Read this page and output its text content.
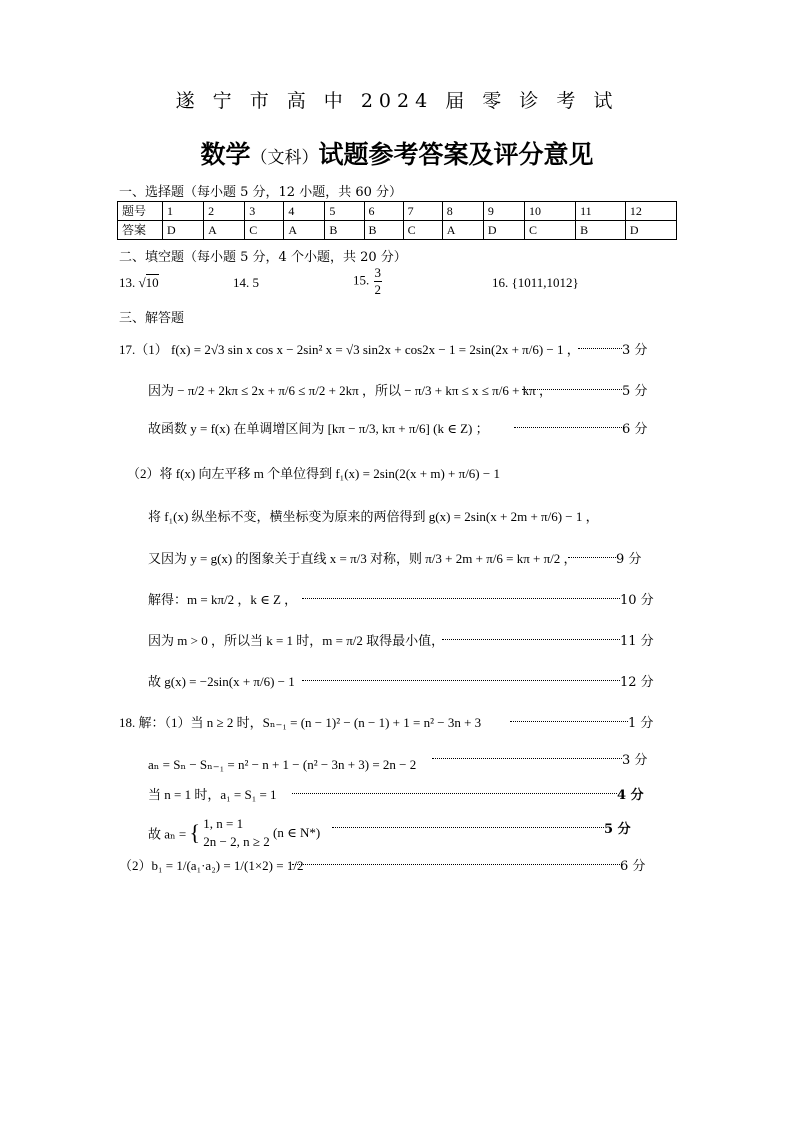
遂 宁 市 高 中 2024 届 零 诊 考 试
数学（文科）试题参考答案及评分意见
一、选择题（每小题 5 分，12 小题，共 60 分）
题号	1	2	3	4	5	6	7	8	9	10	11	12
答案	D	A	C	A	B	B	C	A	D	C	B	D
二、填空题（每小题 5 分，4 个小题，共 20 分）
13. √10	14. 5	15. $\frac{3}{2}$	16. {1011,1012}
三、解答题
17.（1） f(x) = 2√3 sin x cos x − 2sin² x = √3 sin2x + cos2x − 1 = 2sin(2x + π/6) − 1 ，	3 分
因为 − π/2 + 2kπ ≤ 2x + π/6 ≤ π/2 + 2kπ ，所以 − π/3 + kπ ≤ x ≤ π/6 + kπ ，	5 分
故函数 y = f(x) 在单调增区间为 [kπ − π/3, kπ + π/6] (k ∈ Z) ；	6 分
（2）将 f(x) 向左平移 m 个单位得到 f₁(x) = 2sin(2(x + m) + π/6) − 1
将 f₁(x) 纵坐标不变，横坐标变为原来的两倍得到 g(x) = 2sin(x + 2m + π/6) − 1 ，
又因为 y = g(x) 的图象关于直线 x = π/3 对称，则 π/3 + 2m + π/6 = kπ + π/2 ，	9 分
解得：m = kπ/2 ，k ∈ Z ，	10 分
因为 m > 0 ，所以当 k = 1 时，m = π/2 取得最小值，	11 分
故 g(x) = −2sin(x + π/6) − 1	12 分
18. 解：（1）当 n ≥ 2 时，Sₙ₋₁ = (n − 1)² − (n − 1) + 1 = n² − 3n + 3	1 分
aₙ = Sₙ − Sₙ₋₁ = n² − n + 1 − (n² − 3n + 3) = 2n − 2	3 分
当 n = 1 时，a₁ = S₁ = 1	4 分
故 aₙ = { 1, n = 1
2n − 2, n ≥ 2
(n ∈ N*)	5 分
（2）b₁ = 1/(a₁·a₂) = 1/(1×2) = 1/2	6 分
